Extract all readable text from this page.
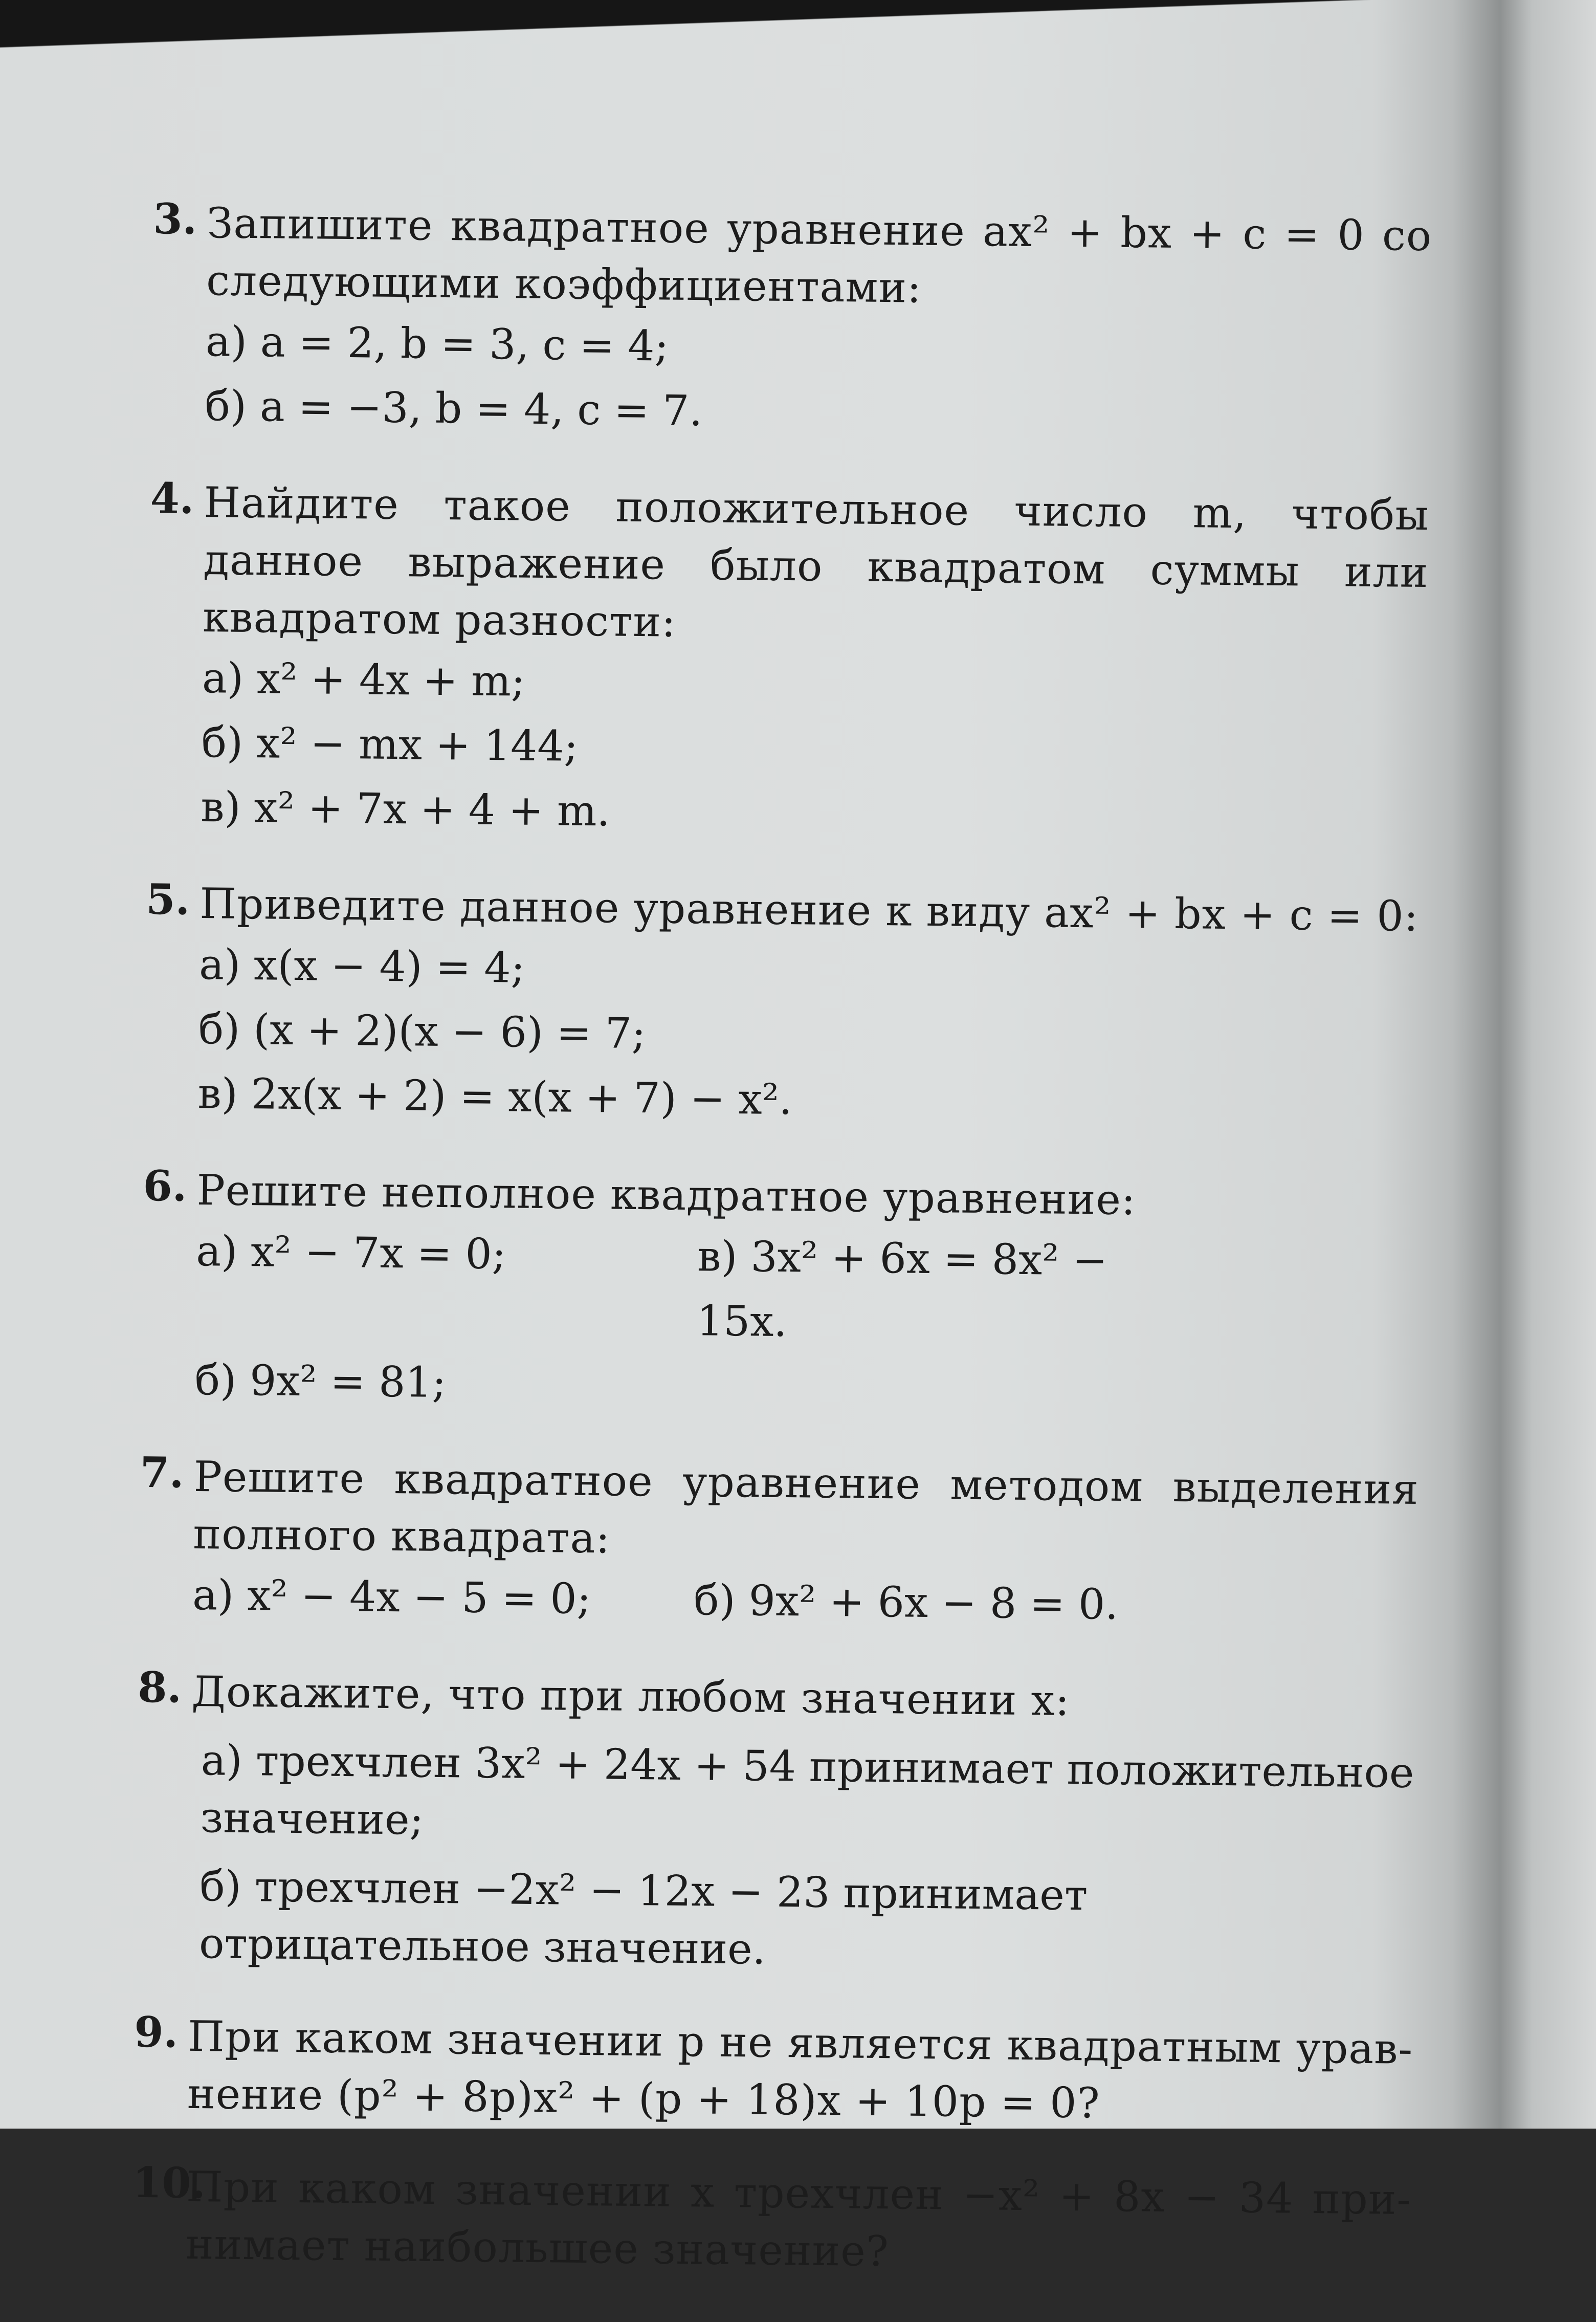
3. Запишите квадратное уравнение ax² + bx + c = 0 со следующими коэффициентами:
а) a = 2, b = 3, c = 4;
б) a = −3, b = 4, c = 7.
4. Найдите такое положительное число m, чтобы данное выражение было квадратом суммы или квадратом разности:
а) x² + 4x + m;
б) x² − mx + 144;
в) x² + 7x + 4 + m.
5. Приведите данное уравнение к виду ax² + bx + c = 0:
а) x(x − 4) = 4;
б) (x + 2)(x − 6) = 7;
в) 2x(x + 2) = x(x + 7) − x².
6. Решите неполное квадратное уравнение:
а) x² − 7x = 0;	в) 3x² + 6x = 8x² − 15x.
б) 9x² = 81;
7. Решите квадратное уравнение методом выделения полного квадрата:
а) x² − 4x − 5 = 0;	б) 9x² + 6x − 8 = 0.
8. Докажите, что при любом значении x:
а) трехчлен 3x² + 24x + 54 принимает положительное значение;
б) трехчлен −2x² − 12x − 23 принимает отрицательное значение.
9. При каком значении p не является квадратным урав- нение (p² + 8p)x² + (p + 18)x + 10p = 0?
10.
При каком значении x трехчлен −x² + 8x − 34 при- нимает наибольшее значение?
